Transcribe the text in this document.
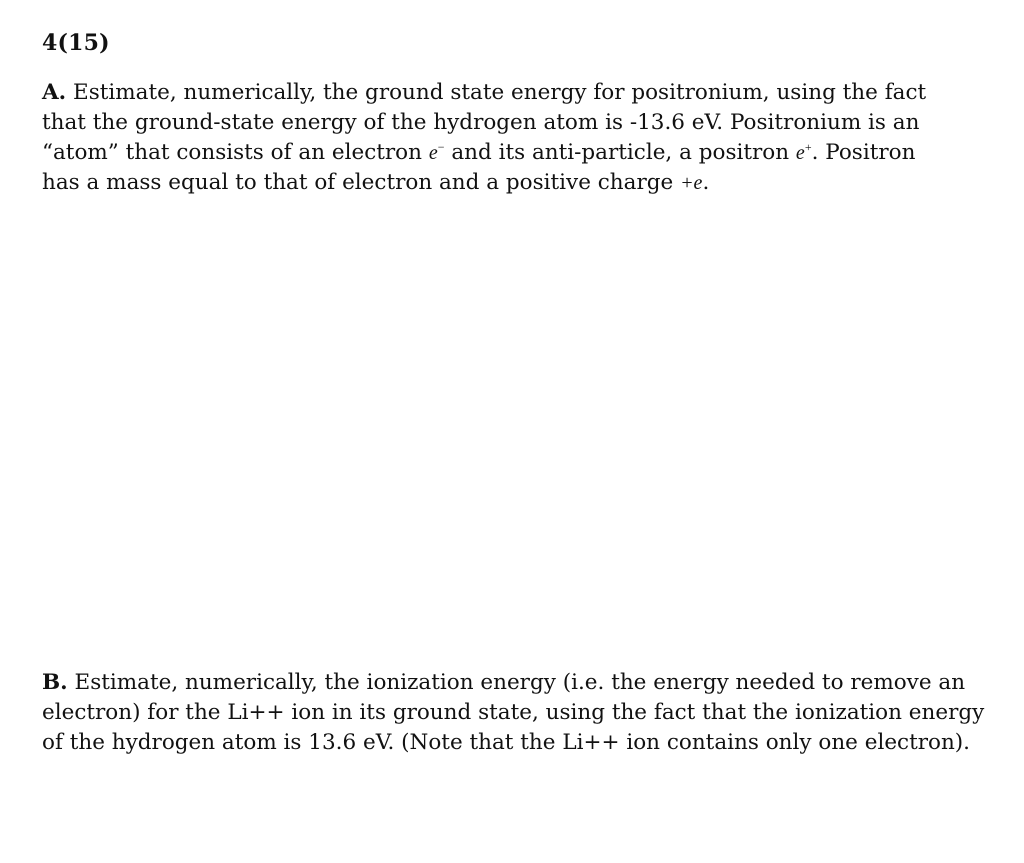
4(15)
A. Estimate, numerically, the ground state energy for positronium, using the fact
that the ground-state energy of the hydrogen atom is -13.6 eV. Positronium is an
“atom” that consists of an electron e− and its anti-particle, a positron e+. Positron
has a mass equal to that of electron and a positive charge +e.
B. Estimate, numerically, the ionization energy (i.e. the energy needed to remove an
electron) for the Li++ ion in its ground state, using the fact that the ionization energy
of the hydrogen atom is 13.6 eV. (Note that the Li++ ion contains only one electron).
